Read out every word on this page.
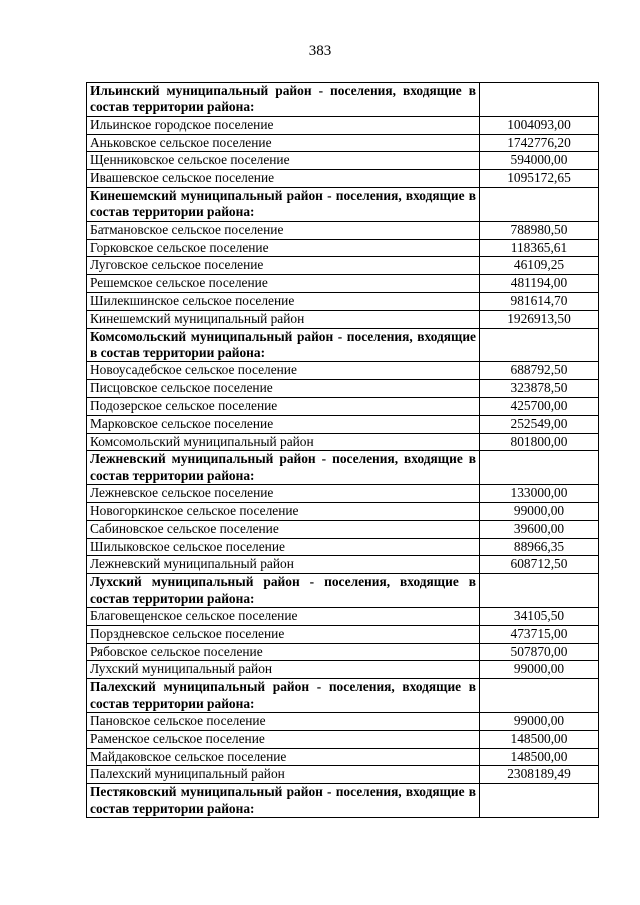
383
Ильинский муниципальный район - поселения, входящие в состав территории района:	
Ильинское городское поселение	1004093,00
Аньковское сельское поселение	1742776,20
Щенниковское сельское поселение	594000,00
Ивашевское сельское поселение	1095172,65
Кинешемский муниципальный район - поселения, входящие в состав территории района:	
Батмановское сельское поселение	788980,50
Горковское сельское поселение	118365,61
Луговское сельское поселение	46109,25
Решемское сельское поселение	481194,00
Шилекшинское сельское поселение	981614,70
Кинешемский муниципальный район	1926913,50
Комсомольский муниципальный район - поселения, входящие в состав территории района:	
Новоусадебское сельское поселение	688792,50
Писцовское сельское поселение	323878,50
Подозерское сельское поселение	425700,00
Марковское сельское поселение	252549,00
Комсомольский муниципальный район	801800,00
Лежневский муниципальный район - поселения, входящие в состав территории района:	
Лежневское сельское поселение	133000,00
Новогоркинское сельское поселение	99000,00
Сабиновское сельское поселение	39600,00
Шилыковское сельское поселение	88966,35
Лежневский муниципальный район	608712,50
Лухский муниципальный район - поселения, входящие в состав территории района:	
Благовещенское сельское поселение	34105,50
Порздневское сельское поселение	473715,00
Рябовское сельское поселение	507870,00
Лухский муниципальный район	99000,00
Палехский муниципальный район - поселения, входящие в состав территории района:	
Пановское сельское поселение	99000,00
Раменское сельское поселение	148500,00
Майдаковское сельское поселение	148500,00
Палехский муниципальный район	2308189,49
Пестяковский муниципальный район - поселения, входящие в состав территории района:	
